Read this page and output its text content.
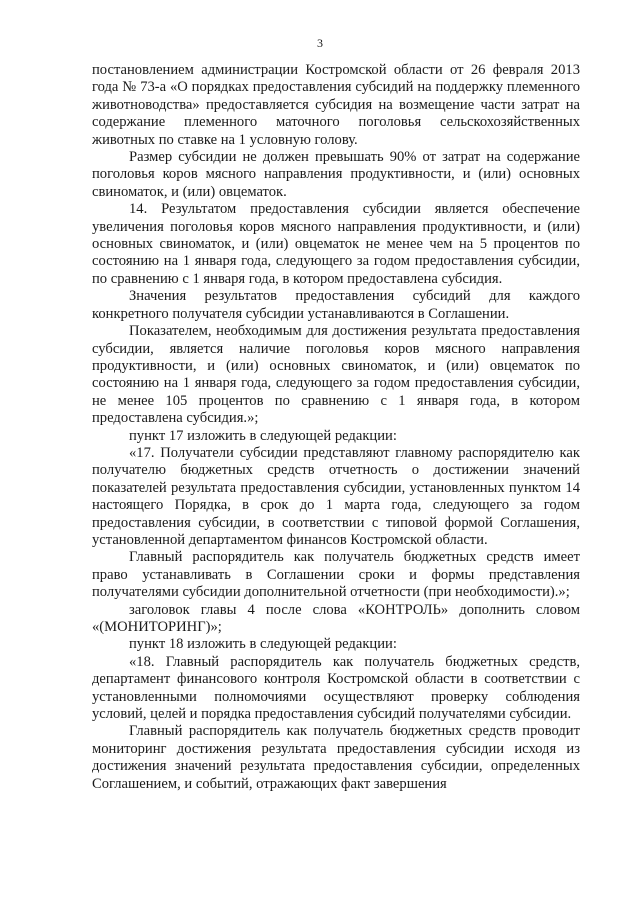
3

постановлением администрации Костромской области от 26 февраля 2013 года № 73-а «О порядках предоставления субсидий на поддержку племенного животноводства» предоставляется субсидия на возмещение части затрат на содержание племенного маточного поголовья сельскохозяйственных животных по ставке на 1 условную голову.

Размер субсидии не должен превышать 90% от затрат на содержание поголовья коров мясного направления продуктивности, и (или) основных свиноматок, и (или) овцематок.

14. Результатом предоставления субсидии является обеспечение увеличения поголовья коров мясного направления продуктивности, и (или) основных свиноматок, и (или) овцематок не менее чем на 5 процентов по состоянию на 1 января года, следующего за годом предоставления субсидии, по сравнению с 1 января года, в котором предоставлена субсидия.

Значения результатов предоставления субсидий для каждого конкретного получателя субсидии устанавливаются в Соглашении.

Показателем, необходимым для достижения результата предоставления субсидии, является наличие поголовья коров мясного направления продуктивности, и (или) основных свиноматок, и (или) овцематок по состоянию на 1 января года, следующего за годом предоставления субсидии, не менее 105 процентов по сравнению с 1 января года, в котором предоставлена субсидия.»;

пункт 17 изложить в следующей редакции:

«17. Получатели субсидии представляют главному распорядителю как получателю бюджетных средств отчетность о достижении значений показателей результата предоставления субсидии, установленных пунктом 14 настоящего Порядка, в срок до 1 марта года, следующего за годом предоставления субсидии, в соответствии с типовой формой Соглашения, установленной департаментом финансов Костромской области.

Главный распорядитель как получатель бюджетных средств имеет право устанавливать в Соглашении сроки и формы представления получателями субсидии дополнительной отчетности (при необходимости).»;

заголовок главы 4 после слова «КОНТРОЛЬ» дополнить словом «(МОНИТОРИНГ)»;

пункт 18 изложить в следующей редакции:

«18. Главный распорядитель как получатель бюджетных средств, департамент финансового контроля Костромской области в соответствии с установленными полномочиями осуществляют проверку соблюдения условий, целей и порядка предоставления субсидий получателями субсидии.

Главный распорядитель как получатель бюджетных средств проводит мониторинг достижения результата предоставления субсидии исходя из достижения значений результата предоставления субсидии, определенных Соглашением, и событий, отражающих факт завершения
